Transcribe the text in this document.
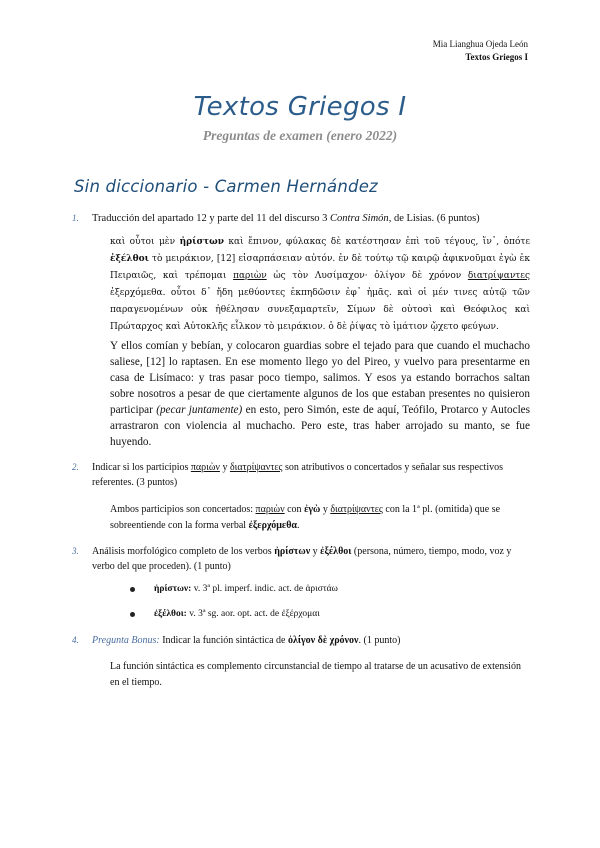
Mia Lianghua Ojeda León
Textos Griegos I
Textos Griegos I
Preguntas de examen (enero 2022)
Sin diccionario - Carmen Hernández
1. Traducción del apartado 12 y parte del 11 del discurso 3 Contra Simón, de Lisias. (6 puntos)
καὶ οὗτοι μὲν ἠρίστων καὶ ἔπινον, φύλακας δὲ κατέστησαν ἐπὶ τοῦ τέγους, ἵν᾽, ὁπότε ἐξέλθοι τὸ μειράκιον, [12] εἰσαρπάσειαν αὐτόν. ἐν δὲ τούτῳ τῷ καιρῷ ἀφικνοῦμαι ἐγὼ ἐκ Πειραιῶς, καὶ τρέπομαι παριὼν ὡς τὸν Λυσίμαχον· ὀλίγον δὲ χρόνον διατρίψαντες ἐξερχόμεθα. οὗτοι δ᾽ ἤδη μεθύοντες ἐκπηδῶσιν ἐφ᾽ ἡμᾶς. καὶ οἱ μέν τινες αὐτῷ τῶν παραγενομένων οὐκ ἠθέλησαν συνεξαμαρτεῖν, Σίμων δὲ οὑτοσὶ καὶ Θεόφιλος καὶ Πρώταρχος καὶ Αὐτοκλῆς εἷλκον τὸ μειράκιον. ὁ δὲ ῥίψας τὸ ἱμάτιον ᾤχετο φεύγων.
Y ellos comían y bebían, y colocaron guardias sobre el tejado para que cuando el muchacho saliese, [12] lo raptasen. En ese momento llego yo del Pireo, y vuelvo para presentarme en casa de Lisímaco: y tras pasar poco tiempo, salimos. Y esos ya estando borrachos saltan sobre nosotros a pesar de que ciertamente algunos de los que estaban presentes no quisieron participar (pecar juntamente) en esto, pero Simón, este de aquí, Teófilo, Protarco y Autocles arrastraron con violencia al muchacho. Pero este, tras haber arrojado su manto, se fue huyendo.
2. Indicar si los participios παριὼν y διατρίψαντες son atributivos o concertados y señalar sus respectivos referentes. (3 puntos)
Ambos participios son concertados: παριὼν con ἐγὼ y διατρίψαντες con la 1ª pl. (omitida) que se sobreentiende con la forma verbal ἐξερχόμεθα.
3. Análisis morfológico completo de los verbos ἠρίστων y ἐξέλθοι (persona, número, tiempo, modo, voz y verbo del que proceden). (1 punto)
ἠρίστων: v. 3ª pl. imperf. indic. act. de ἀριστάω
ἐξέλθοι: v. 3ª sg. aor. opt. act. de ἐξέρχομαι
4. Pregunta Bonus: Indicar la función sintáctica de ὀλίγον δὲ χρόνον. (1 punto)
La función sintáctica es complemento circunstancial de tiempo al tratarse de un acusativo de extensión en el tiempo.
